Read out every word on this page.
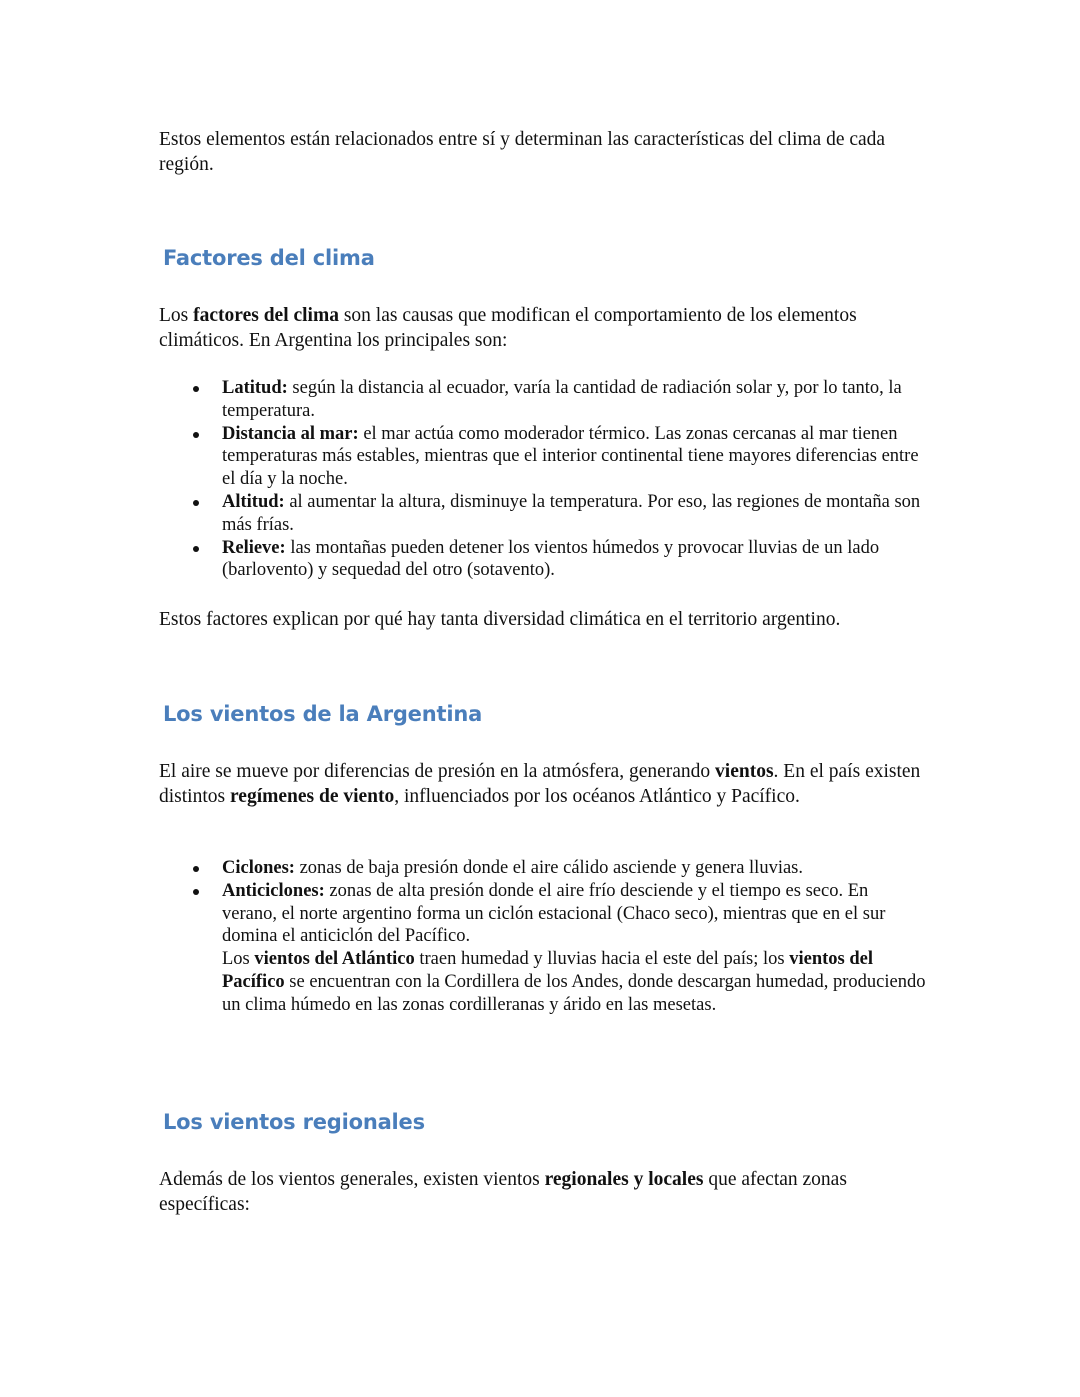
Estos elementos están relacionados entre sí y determinan las características del clima de cada región.

Factores del clima

Los factores del clima son las causas que modifican el comportamiento de los elementos climáticos. En Argentina los principales son:

Latitud: según la distancia al ecuador, varía la cantidad de radiación solar y, por lo tanto, la temperatura.
Distancia al mar: el mar actúa como moderador térmico. Las zonas cercanas al mar tienen temperaturas más estables, mientras que el interior continental tiene mayores diferencias entre el día y la noche.
Altitud: al aumentar la altura, disminuye la temperatura. Por eso, las regiones de montaña son más frías.
Relieve: las montañas pueden detener los vientos húmedos y provocar lluvias de un lado (barlovento) y sequedad del otro (sotavento).

Estos factores explican por qué hay tanta diversidad climática en el territorio argentino.

Los vientos de la Argentina

El aire se mueve por diferencias de presión en la atmósfera, generando vientos. En el país existen distintos regímenes de viento, influenciados por los océanos Atlántico y Pacífico.

Ciclones: zonas de baja presión donde el aire cálido asciende y genera lluvias.
Anticiclones: zonas de alta presión donde el aire frío desciende y el tiempo es seco. En verano, el norte argentino forma un ciclón estacional (Chaco seco), mientras que en el sur domina el anticiclón del Pacífico.
Los vientos del Atlántico traen humedad y lluvias hacia el este del país; los vientos del Pacífico se encuentran con la Cordillera de los Andes, donde descargan humedad, produciendo un clima húmedo en las zonas cordilleranas y árido en las mesetas.
Los vientos regionales

Además de los vientos generales, existen vientos regionales y locales que afectan zonas específicas:
